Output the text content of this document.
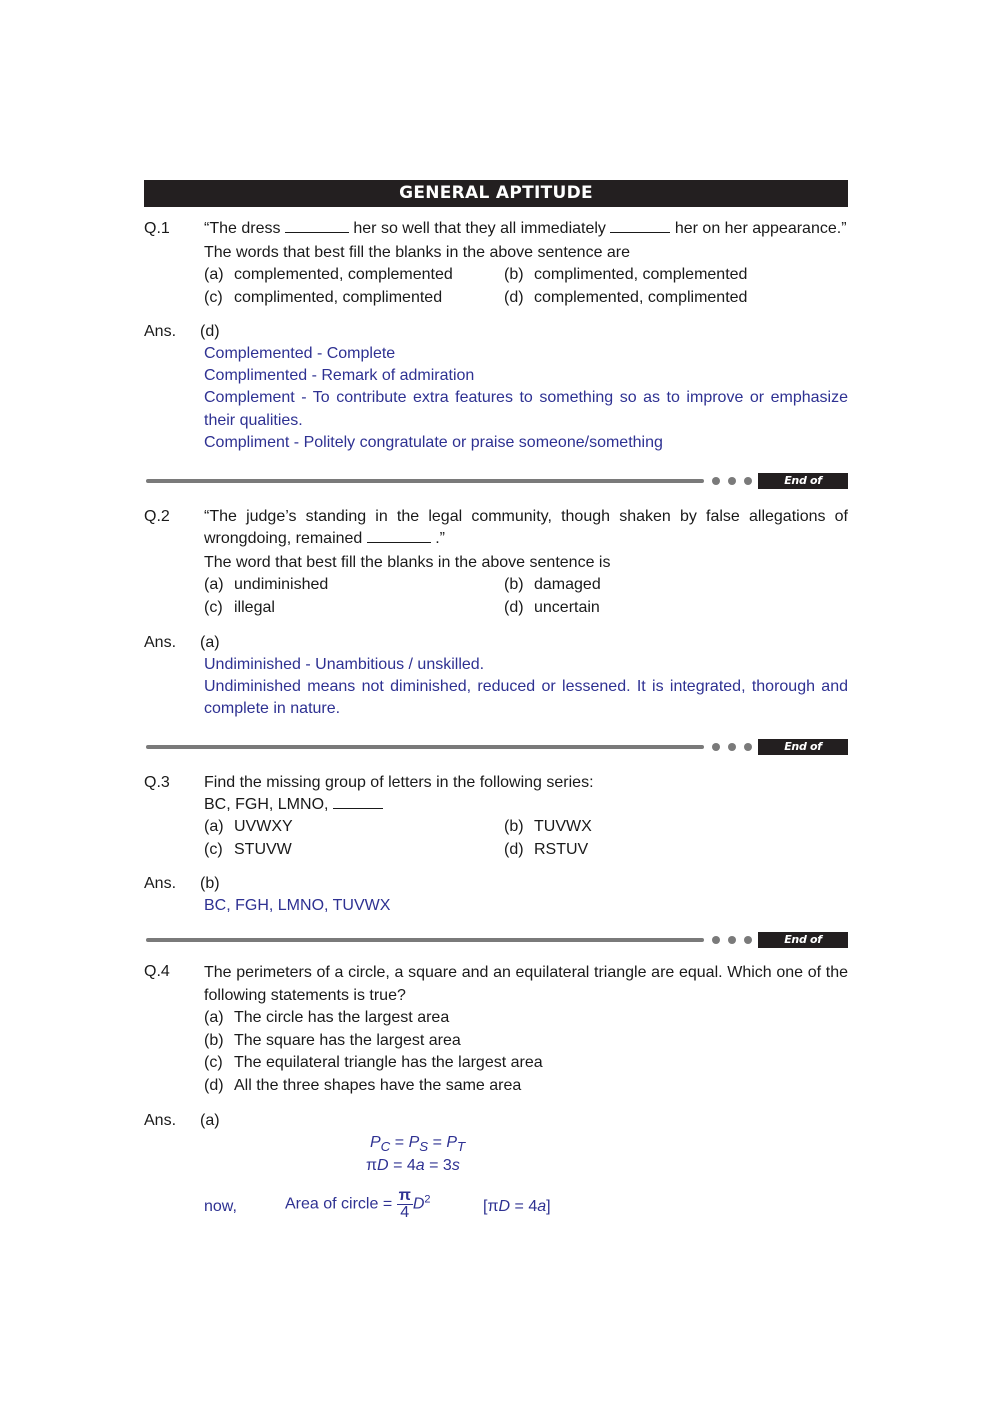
GENERAL APTITUDE
Q.1 “The dress	her so well that they all immediately	her on her appearance.”
The words that best fill the blanks in the above sentence are
(a) complemented, complemented	(b) complimented, complemented
(c) complimented, complimented	(d) complemented, complimented
Ans. (d)
Complemented - Complete
Complimented - Remark of admiration
Complement - To contribute extra features to something so as to improve or emphasize their qualities.
Compliment - Politely congratulate or praise someone/something
End of Solution
Q.2 “The judge’s standing in the legal community, though shaken by false allegations of wrongdoing, remained	.”
The word that best fill the blanks in the above sentence is
(a) undiminished	(b) damaged
(c) illegal	(d) uncertain
Ans. (a)
Undiminished - Unambitious / unskilled.
Undiminished means not diminished, reduced or lessened. It is integrated, thorough and complete in nature.
End of Solution
Q.3 Find the missing group of letters in the following series:
BC, FGH, LMNO,
(a) UVWXY	(b) TUVWX
(c) STUVW	(d) RSTUV
Ans. (b)
BC, FGH, LMNO, TUVWX
End of Solution
Q.4 The perimeters of a circle, a square and an equilateral triangle are equal. Which one of the following statements is true?
(a) The circle has the largest area
(b) The square has the largest area
(c) The equilateral triangle has the largest area
(d) All the three shapes have the same area
Ans. (a)
$P_C = P_S = P_T$
πD = 4a = 3s
now,	Area of circle = $\frac{\pi}{4} D^2$	[πD = 4a]
